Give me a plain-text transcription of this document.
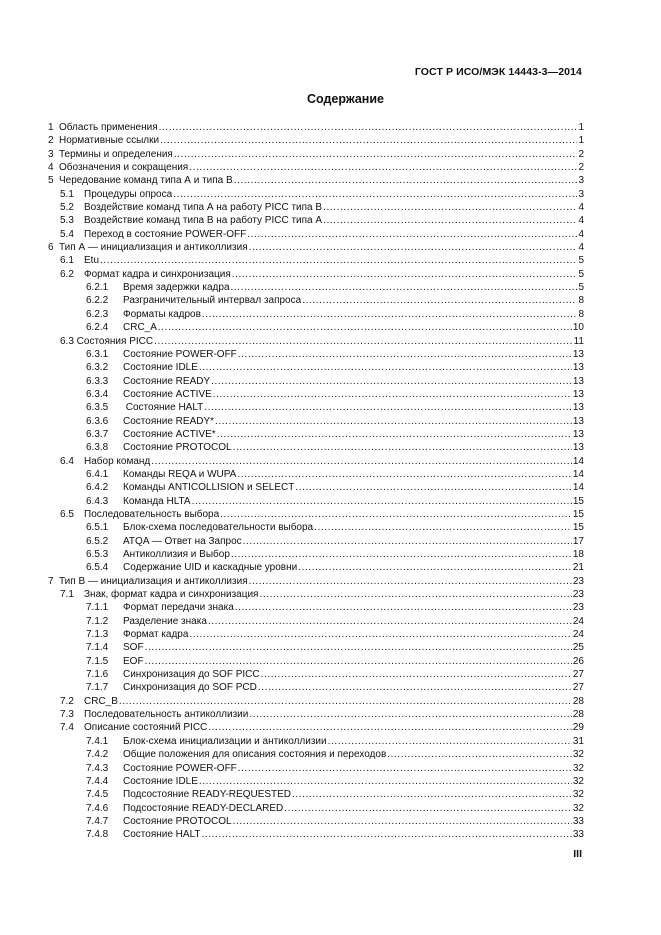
ГОСТ Р ИСО/МЭК 14443-3—2014
Содержание
1 Область применения .....	1
2 Нормативные ссылки .....	1
3 Термины и определения .....	2
4 Обозначения и сокращения .....	2
5 Чередование команд типа А и типа В .....	3
5.1	Процедуры опроса .....	3
5.2	Воздействие команд типа А на работу PICC типа В .....	4
5.3	Воздействие команд типа В на работу PICC типа А .....	4
5.4	Переход в состояние POWER-OFF .....	4
6 Тип А — инициализация и антиколлизия .....	4
6.1	Etu .....	5
6.2	Формат кадра и синхронизация .....	5
6.2.1	Время задержки кадра .....	5
6.2.2	Разграничительный интервал запроса .....	8
6.2.3	Форматы кадров .....	8
6.2.4	CRC_A .....	10
6.3 Состояния PICC .....	11
6.3.1	Состояние POWER-OFF .....	13
6.3.2	Состояние IDLE .....	13
6.3.3	Состояние READY .....	13
6.3.4	Состояние ACTIVE .....	13
6.3.5	Состояние HALT .....	13
6.3.6	Состояние READY* .....	13
6.3.7	Состояние ACTIVE* .....	13
6.3.8	Состояние PROTOCOL .....	13
6.4	Набор команд .....	14
6.4.1	Команды REQA и WUPA .....	14
6.4.2	Команды ANTICOLLISION и SELECT .....	14
6.4.3	Команда HLTA .....	15
6.5	Последовательность выбора .....	15
6.5.1	Блок-схема последовательности выбора .....	15
6.5.2	ATQA — Ответ на Запрос .....	17
6.5.3	Антиколлизия и Выбор .....	18
6.5.4	Содержание UID и каскадные уровни .....	21
7 Тип В — инициализация и антиколлизия .....	23
7.1	Знак, формат кадра и синхронизация .....	23
7.1.1	Формат передачи знака .....	23
7.1.2	Разделение знака .....	24
7.1.3	Формат кадра .....	24
7.1.4	SOF .....	25
7.1.5	EOF .....	26
7.1.6	Синхронизация до SOF PICC .....	27
7.1.7	Синхронизация до SOF PCD .....	27
7.2	CRC_B .....	28
7.3	Последовательность антиколлизии .....	28
7.4	Описание состояний PICC .....	29
7.4.1	Блок-схема инициализации и антиколлизии .....	31
7.4.2	Общие положения для описания состояния и переходов .....	32
7.4.3	Состояние POWER-OFF .....	32
7.4.4	Состояние IDLE .....	32
7.4.5	Подсостояние READY-REQUESTED .....	32
7.4.6	Подсостояние READY-DECLARED .....	32
7.4.7	Состояние PROTOCOL .....	33
7.4.8	Состояние HALT .....	33
III
